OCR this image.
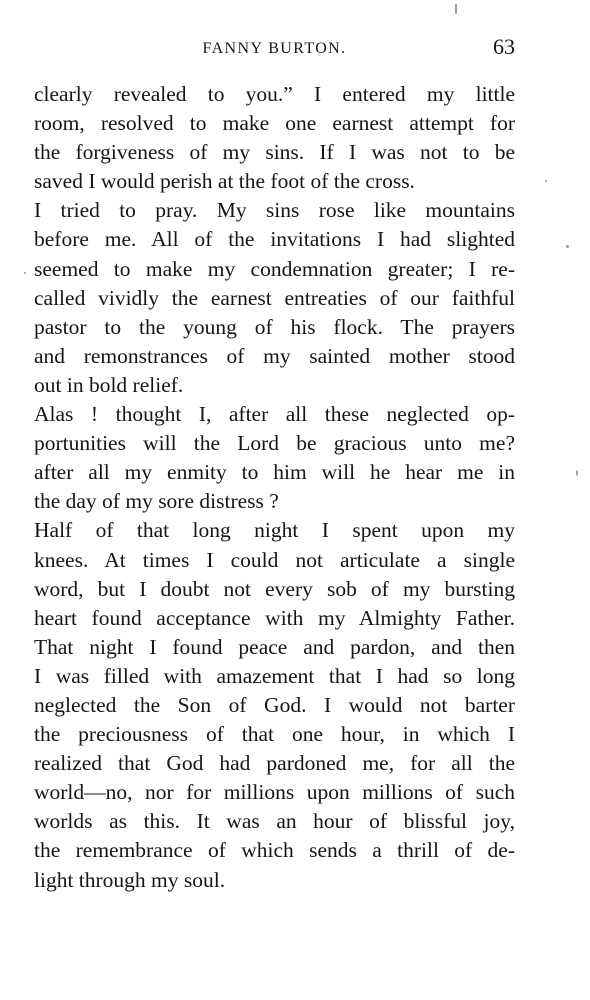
FANNY BURTON.	63
clearly revealed to you.” I entered my little
room, resolved to make one earnest attempt for
the forgiveness of my sins. If I was not to be
saved I would perish at the foot of the cross.
I tried to pray. My sins rose like mountains
before me. All of the invitations I had slighted
seemed to make my condemnation greater; I re-
called vividly the earnest entreaties of our faithful
pastor to the young of his flock. The prayers
and remonstrances of my sainted mother stood
out in bold relief.
Alas ! thought I, after all these neglected op-
portunities will the Lord be gracious unto me?
after all my enmity to him will he hear me in
the day of my sore distress ?
Half of that long night I spent upon my
knees. At times I could not articulate a single
word, but I doubt not every sob of my bursting
heart found acceptance with my Almighty Father.
That night I found peace and pardon, and then
I was filled with amazement that I had so long
neglected the Son of God. I would not barter
the preciousness of that one hour, in which I
realized that God had pardoned me, for all the
world—no, nor for millions upon millions of such
worlds as this. It was an hour of blissful joy,
the remembrance of which sends a thrill of de-
light through my soul.
